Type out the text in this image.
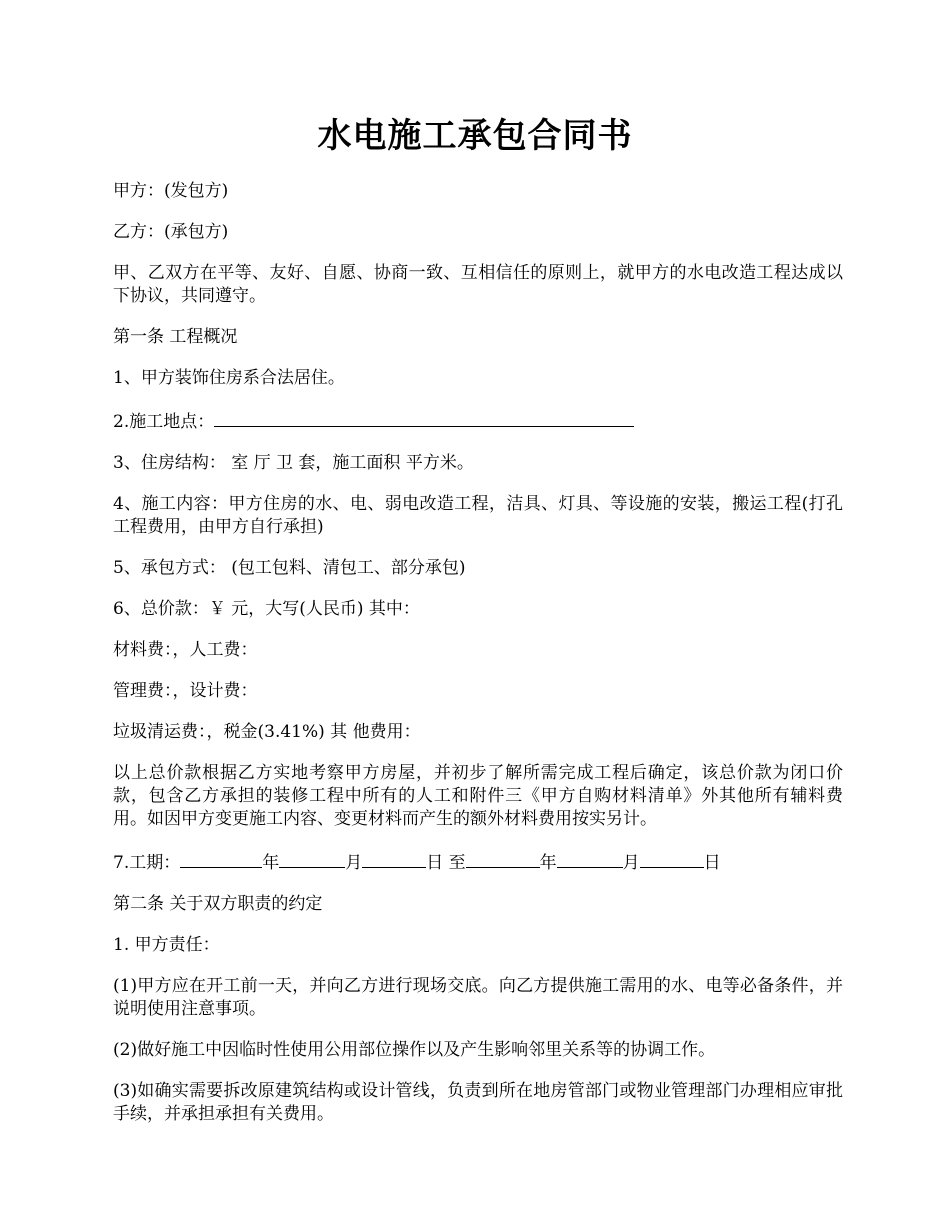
水电施工承包合同书

甲方：(发包方)

乙方：(承包方)

甲、乙双方在平等、友好、自愿、协商一致、互相信任的原则上，就甲方的水电改造工程达成以下协议，共同遵守。

第一条 工程概况

1、甲方装饰住房系合法居住。

2.施工地点：

3、住房结构： 室 厅 卫 套，施工面积 平方米。

4、施工内容：甲方住房的水、电、弱电改造工程，洁具、灯具、等设施的安装，搬运工程(打孔工程费用，由甲方自行承担)

5、承包方式： (包工包料、清包工、部分承包)

6、总价款：￥ 元，大写(人民币) 其中：

材料费：，人工费：

管理费：，设计费：

垃圾清运费：，税金(3.41%) 其 他费用：

以上总价款根据乙方实地考察甲方房屋，并初步了解所需完成工程后确定，该总价款为闭口价款，包含乙方承担的装修工程中所有的人工和附件三《甲方自购材料清单》外其他所有辅料费用。如因甲方变更施工内容、变更材料而产生的额外材料费用按实另计。

7.工期：	年	月	日 至	年	月	日

第二条 关于双方职责的约定

1. 甲方责任：

(1)甲方应在开工前一天，并向乙方进行现场交底。向乙方提供施工需用的水、电等必备条件，并说明使用注意事项。

(2)做好施工中因临时性使用公用部位操作以及产生影响邻里关系等的协调工作。

(3)如确实需要拆改原建筑结构或设计管线，负责到所在地房管部门或物业管理部门办理相应审批手续，并承担承担有关费用。
